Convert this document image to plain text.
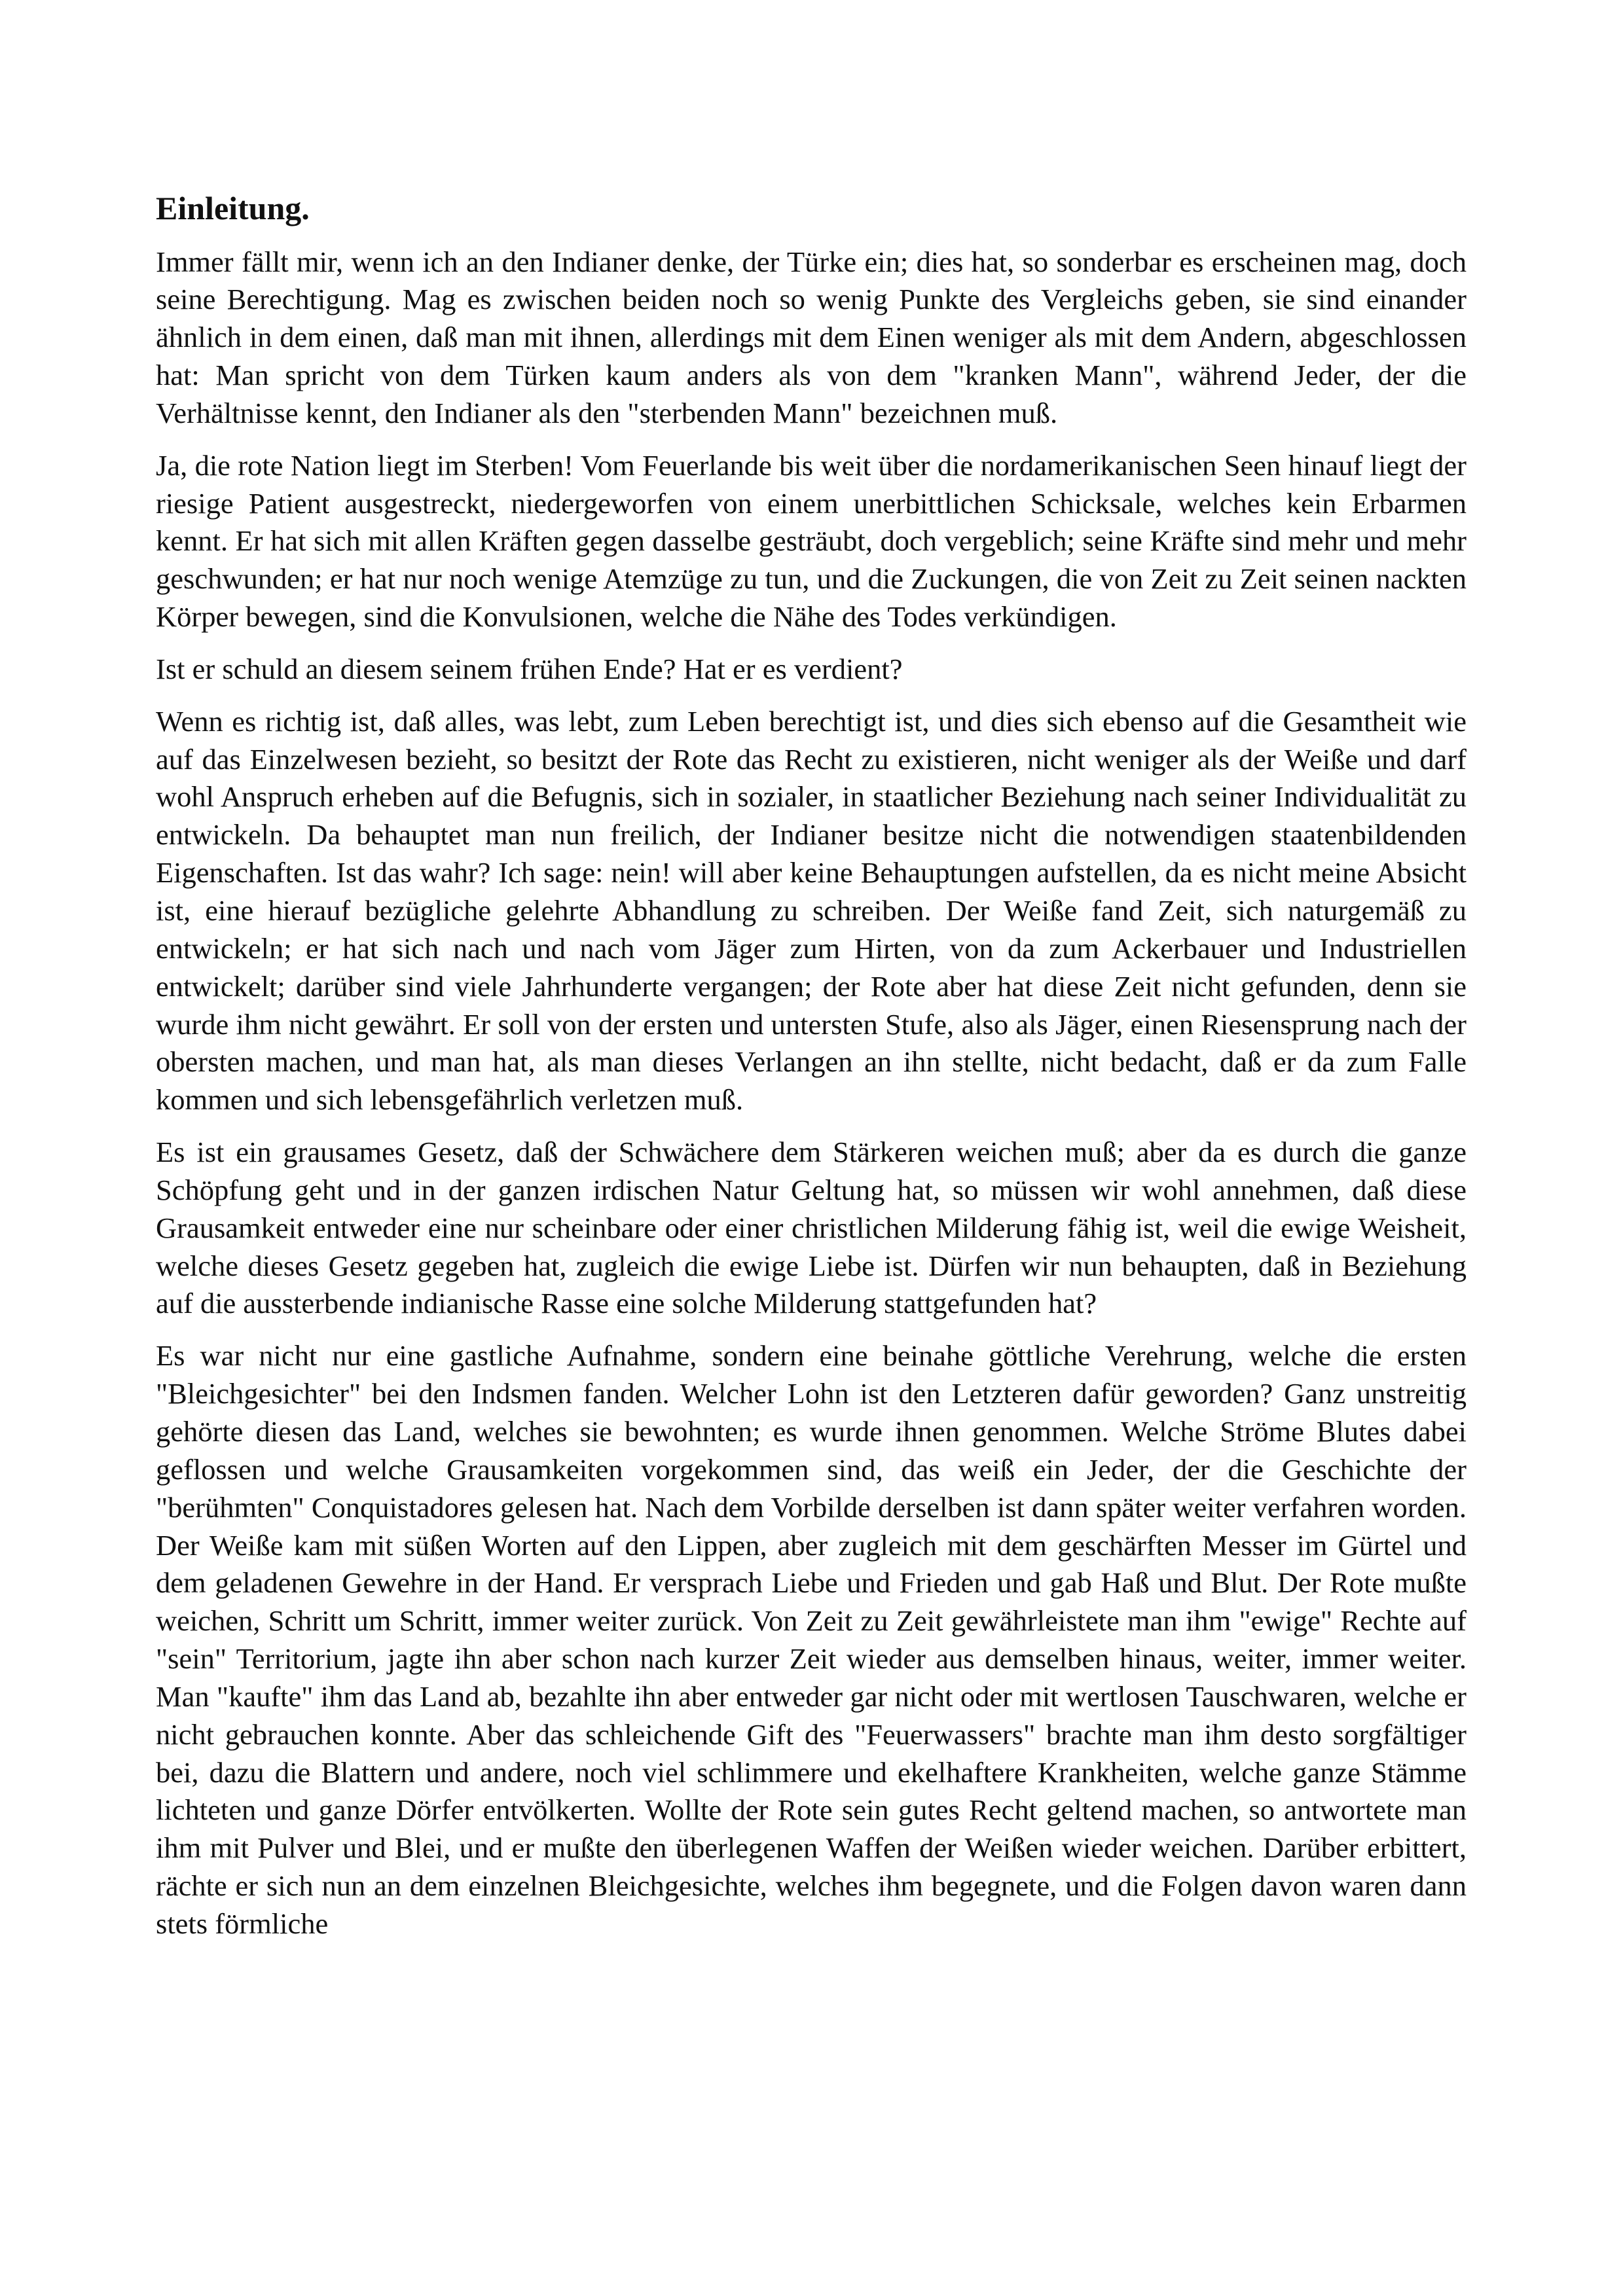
Einleitung.

Immer fällt mir, wenn ich an den Indianer denke, der Türke ein; dies hat, so sonderbar es erscheinen mag, doch seine Berechtigung. Mag es zwischen beiden noch so wenig Punkte des Vergleichs geben, sie sind einander ähnlich in dem einen, daß man mit ihnen, allerdings mit dem Einen weniger als mit dem Andern, abgeschlossen hat: Man spricht von dem Türken kaum anders als von dem "kranken Mann", während Jeder, der die Verhältnisse kennt, den Indianer als den "sterbenden Mann" bezeichnen muß.

Ja, die rote Nation liegt im Sterben! Vom Feuerlande bis weit über die nordamerikanischen Seen hinauf liegt der riesige Patient ausgestreckt, niedergeworfen von einem unerbittlichen Schicksale, welches kein Erbarmen kennt. Er hat sich mit allen Kräften gegen dasselbe gesträubt, doch vergeblich; seine Kräfte sind mehr und mehr geschwunden; er hat nur noch wenige Atemzüge zu tun, und die Zuckungen, die von Zeit zu Zeit seinen nackten Körper bewegen, sind die Konvulsionen, welche die Nähe des Todes verkündigen.

Ist er schuld an diesem seinem frühen Ende? Hat er es verdient?

Wenn es richtig ist, daß alles, was lebt, zum Leben berechtigt ist, und dies sich ebenso auf die Gesamtheit wie auf das Einzelwesen bezieht, so besitzt der Rote das Recht zu existieren, nicht weniger als der Weiße und darf wohl Anspruch erheben auf die Befugnis, sich in sozialer, in staatlicher Beziehung nach seiner Individualität zu entwickeln. Da behauptet man nun freilich, der Indianer besitze nicht die notwendigen staatenbildenden Eigenschaften. Ist das wahr? Ich sage: nein! will aber keine Behauptungen aufstellen, da es nicht meine Absicht ist, eine hierauf bezügliche gelehrte Abhandlung zu schreiben. Der Weiße fand Zeit, sich naturgemäß zu entwickeln; er hat sich nach und nach vom Jäger zum Hirten, von da zum Ackerbauer und Industriellen entwickelt; darüber sind viele Jahrhunderte vergangen; der Rote aber hat diese Zeit nicht gefunden, denn sie wurde ihm nicht gewährt. Er soll von der ersten und untersten Stufe, also als Jäger, einen Riesensprung nach der obersten machen, und man hat, als man dieses Verlangen an ihn stellte, nicht bedacht, daß er da zum Falle kommen und sich lebensgefährlich verletzen muß.

Es ist ein grausames Gesetz, daß der Schwächere dem Stärkeren weichen muß; aber da es durch die ganze Schöpfung geht und in der ganzen irdischen Natur Geltung hat, so müssen wir wohl annehmen, daß diese Grausamkeit entweder eine nur scheinbare oder einer christlichen Milderung fähig ist, weil die ewige Weisheit, welche dieses Gesetz gegeben hat, zugleich die ewige Liebe ist. Dürfen wir nun behaupten, daß in Beziehung auf die aussterbende indianische Rasse eine solche Milderung stattgefunden hat?

Es war nicht nur eine gastliche Aufnahme, sondern eine beinahe göttliche Verehrung, welche die ersten "Bleichgesichter" bei den Indsmen fanden. Welcher Lohn ist den Letzteren dafür geworden? Ganz unstreitig gehörte diesen das Land, welches sie bewohnten; es wurde ihnen genommen. Welche Ströme Blutes dabei geflossen und welche Grausamkeiten vorgekommen sind, das weiß ein Jeder, der die Geschichte der "berühmten" Conquistadores gelesen hat. Nach dem Vorbilde derselben ist dann später weiter verfahren worden. Der Weiße kam mit süßen Worten auf den Lippen, aber zugleich mit dem geschärften Messer im Gürtel und dem geladenen Gewehre in der Hand. Er versprach Liebe und Frieden und gab Haß und Blut. Der Rote mußte weichen, Schritt um Schritt, immer weiter zurück. Von Zeit zu Zeit gewährleistete man ihm "ewige" Rechte auf "sein" Territorium, jagte ihn aber schon nach kurzer Zeit wieder aus demselben hinaus, weiter, immer weiter. Man "kaufte" ihm das Land ab, bezahlte ihn aber entweder gar nicht oder mit wertlosen Tauschwaren, welche er nicht gebrauchen konnte. Aber das schleichende Gift des "Feuerwassers" brachte man ihm desto sorgfältiger bei, dazu die Blattern und andere, noch viel schlimmere und ekelhaftere Krankheiten, welche ganze Stämme lichteten und ganze Dörfer entvölkerten. Wollte der Rote sein gutes Recht geltend machen, so antwortete man ihm mit Pulver und Blei, und er mußte den überlegenen Waffen der Weißen wieder weichen. Darüber erbittert, rächte er sich nun an dem einzelnen Bleichgesichte, welches ihm begegnete, und die Folgen davon waren dann stets förmliche
